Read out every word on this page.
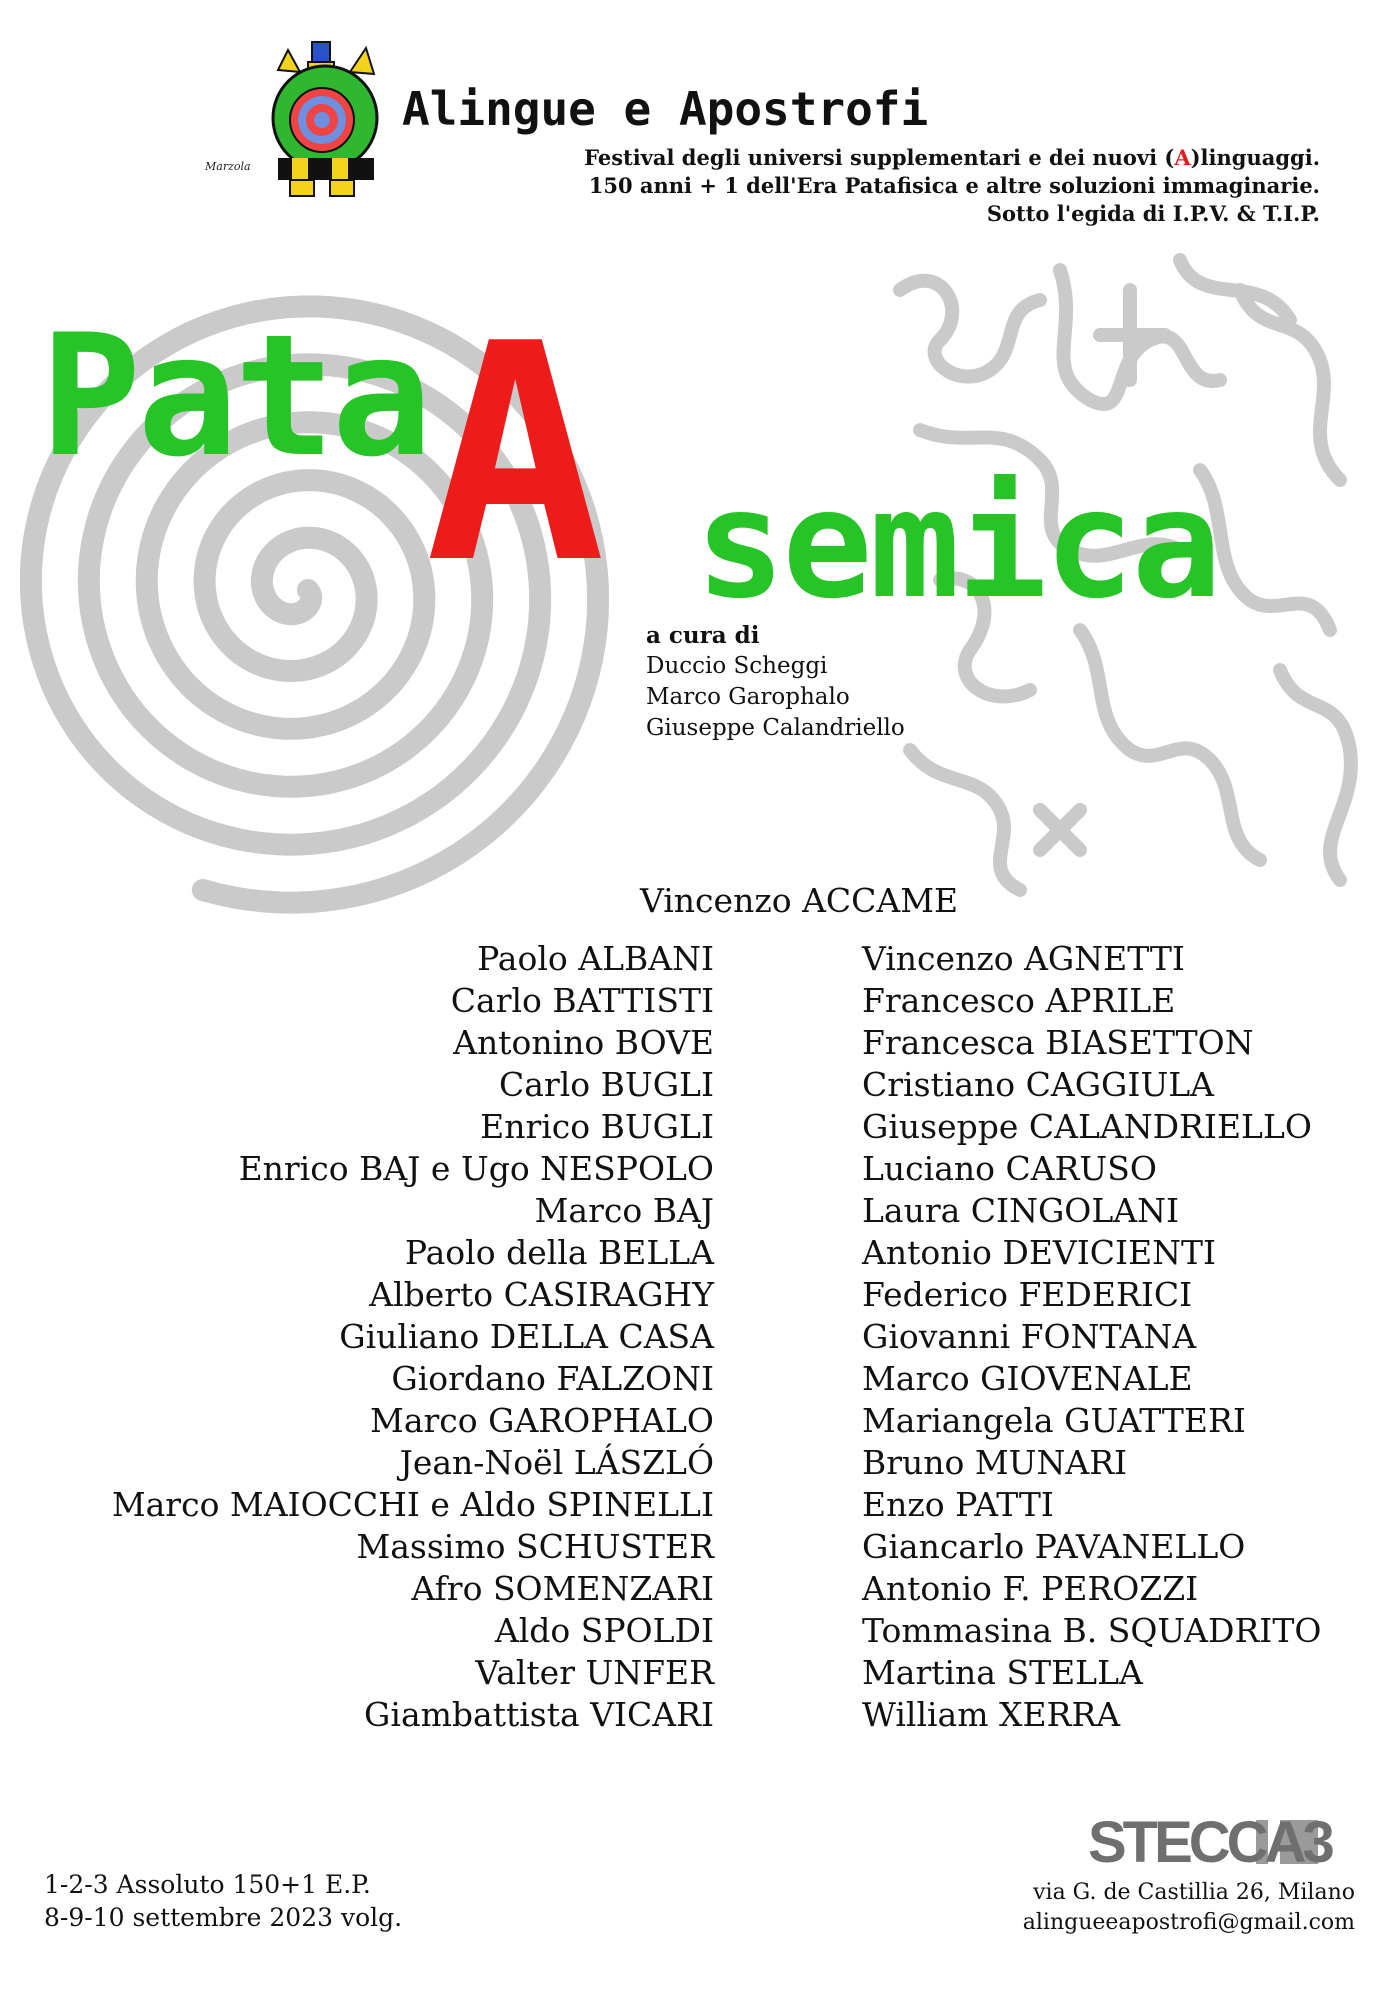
Marzola
Alingue e Apostrofi
Festival degli universi supplementari e dei nuovi (A)linguaggi.
150 anni + 1 dell'Era Patafisica e altre soluzioni immaginarie.
Sotto l'egida di I.P.V. & T.I.P.
Pata
A semica
a cura di
Duccio Scheggi
Marco Garophalo
Giuseppe Calandriello
Vincenzo ACCAME
Paolo ALBANI
Carlo BATTISTI
Antonino BOVE
Carlo BUGLI
Enrico BUGLI
Enrico BAJ e Ugo NESPOLO
Marco BAJ
Paolo della BELLA
Alberto CASIRAGHY
Giuliano DELLA CASA
Giordano FALZONI
Marco GAROPHALO
Jean-Noël LÁSZLÓ
Marco MAIOCCHI e Aldo SPINELLI
Massimo SCHUSTER
Afro SOMENZARI
Aldo SPOLDI
Valter UNFER
Giambattista VICARI
Vincenzo AGNETTI
Francesco APRILE
Francesca BIASETTON
Cristiano CAGGIULA
Giuseppe CALANDRIELLO
Luciano CARUSO
Laura CINGOLANI
Antonio DEVICIENTI
Federico FEDERICI
Giovanni FONTANA
Marco GIOVENALE
Mariangela GUATTERI
Bruno MUNARI
Enzo PATTI
Giancarlo PAVANELLO
Antonio F. PEROZZI
Tommasina B. SQUADRITO
Martina STELLA
William XERRA
1-2-3 Assoluto 150+1 E.P.
8-9-10 settembre 2023 volg.
STECCA3
via G. de Castillia 26, Milano
alingueeapostrofi@gmail.com
